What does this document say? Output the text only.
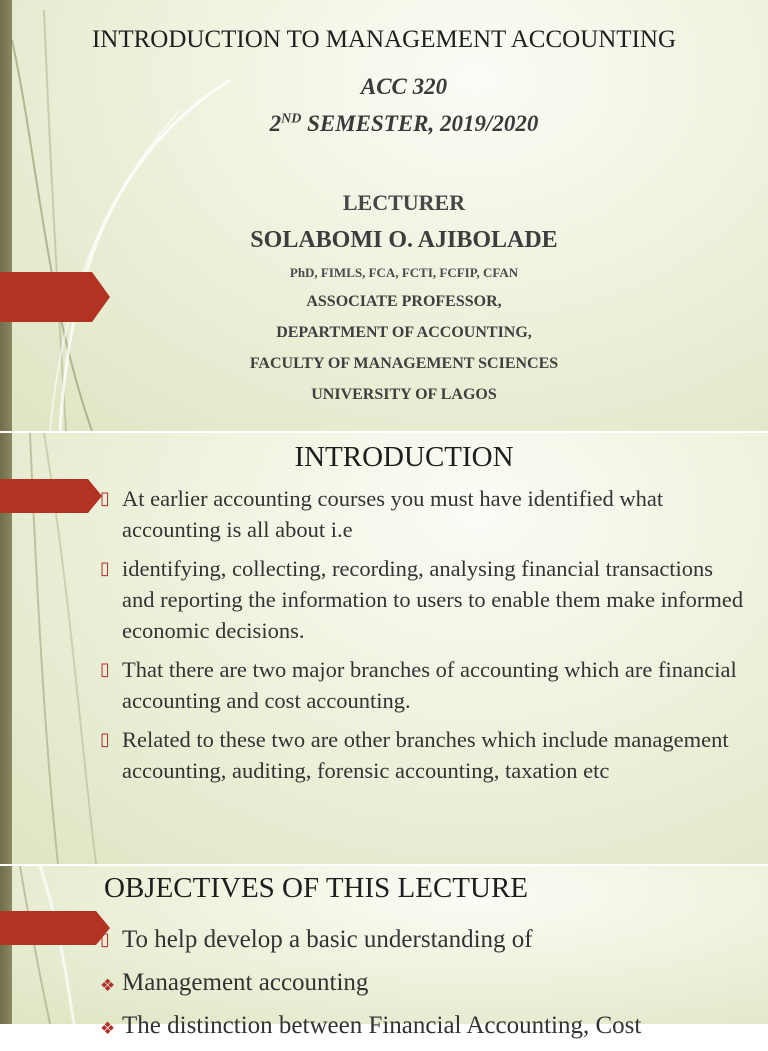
INTRODUCTION TO MANAGEMENT ACCOUNTING
ACC 320
2ND SEMESTER, 2019/2020
LECTURER
SOLABOMI O. AJIBOLADE
PhD, FIMLS, FCA, FCTI, FCFIP, CFAN
ASSOCIATE PROFESSOR,
DEPARTMENT OF ACCOUNTING,
FACULTY OF MANAGEMENT SCIENCES
UNIVERSITY OF LAGOS
INTRODUCTION
▯ At earlier accounting courses you must have identified what accounting is all about i.e
▯ identifying, collecting, recording, analysing financial transactions and reporting the information to users to enable them make informed economic decisions.
▯ That there are two major branches of accounting which are financial accounting and cost accounting.
▯ Related to these two are other branches which include management accounting, auditing, forensic accounting, taxation etc
OBJECTIVES OF THIS LECTURE
▯ To help develop a basic understanding of
❖ Management accounting
❖ The distinction between Financial Accounting, Cost
